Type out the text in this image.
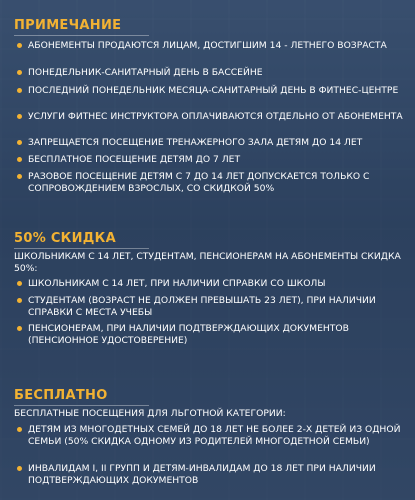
ПРИМЕЧАНИЕ
АБОНЕМЕНТЫ ПРОДАЮТСЯ ЛИЦАМ, ДОСТИГШИМ 14 - ЛЕТНЕГО ВОЗРАСТА
ПОНЕДЕЛЬНИК-САНИТАРНЫЙ ДЕНЬ В БАССЕЙНЕ
ПОСЛЕДНИЙ ПОНЕДЕЛЬНИК МЕСЯЦА-САНИТАРНЫЙ ДЕНЬ В ФИТНЕС-ЦЕНТРЕ
УСЛУГИ ФИТНЕС ИНСТРУКТОРА ОПЛАЧИВАЮТСЯ ОТДЕЛЬНО ОТ АБОНЕМЕНТА
ЗАПРЕЩАЕТСЯ ПОСЕЩЕНИЕ ТРЕНАЖЕРНОГО ЗАЛА ДЕТЯМ ДО 14 ЛЕТ
БЕСПЛАТНОЕ ПОСЕЩЕНИЕ ДЕТЯМ ДО 7 ЛЕТ
РАЗОВОЕ ПОСЕЩЕНИЕ ДЕТЯМ С 7 ДО 14 ЛЕТ ДОПУСКАЕТСЯ ТОЛЬКО С СОПРОВОЖДЕНИЕМ ВЗРОСЛЫХ, СО СКИДКОЙ 50%
50% СКИДКА

ШКОЛЬНИКАМ С 14 ЛЕТ, СТУДЕНТАМ, ПЕНСИОНЕРАМ НА АБОНЕМЕНТЫ СКИДКА 50%:

ШКОЛЬНИКАМ С 14 ЛЕТ, ПРИ НАЛИЧИИ СПРАВКИ СО ШКОЛЫ
СТУДЕНТАМ (ВОЗРАСТ НЕ ДОЛЖЕН ПРЕВЫШАТЬ 23 ЛЕТ), ПРИ НАЛИЧИИ СПРАВКИ С МЕСТА УЧЕБЫ
ПЕНСИОНЕРАМ, ПРИ НАЛИЧИИ ПОДТВЕРЖДАЮЩИХ ДОКУМЕНТОВ (ПЕНСИОННОЕ УДОСТОВЕРЕНИЕ)
БЕСПЛАТНО

БЕСПЛАТНЫЕ ПОСЕЩЕНИЯ ДЛЯ ЛЬГОТНОЙ КАТЕГОРИИ:

ДЕТЯМ ИЗ МНОГОДЕТНЫХ СЕМЕЙ ДО 18 ЛЕТ НЕ БОЛЕЕ 2-Х ДЕТЕЙ ИЗ ОДНОЙ СЕМЬИ (50% СКИДКА ОДНОМУ ИЗ РОДИТЕЛЕЙ МНОГОДЕТНОЙ СЕМЬИ)
ИНВАЛИДАМ I, II ГРУПП И ДЕТЯМ-ИНВАЛИДАМ ДО 18 ЛЕТ ПРИ НАЛИЧИИ ПОДТВЕРЖДАЮЩИХ ДОКУМЕНТОВ
